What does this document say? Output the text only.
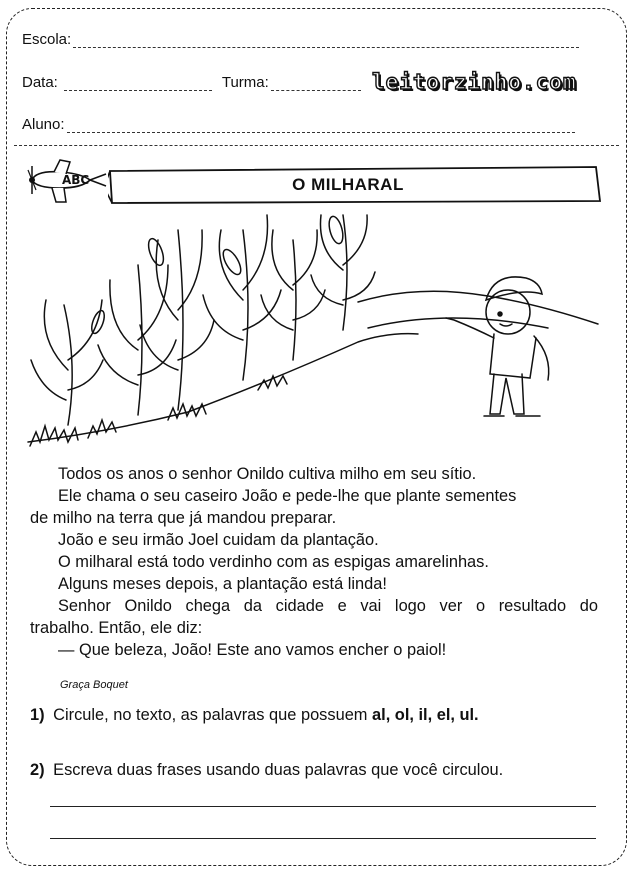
Escola:
Data:	Turma:	leitorzinho.com
Aluno:
ABC	O MILHARAL

Todos os anos o senhor Onildo cultiva milho em seu sítio.

Ele chama o seu caseiro João e pede-lhe que plante sementes

de milho na terra que já mandou preparar.

João e seu irmão Joel cuidam da plantação.

O milharal está todo verdinho com as espigas amarelinhas.

Alguns meses depois, a plantação está linda!

Senhor Onildo chega da cidade e vai logo ver o resultado do

trabalho. Então, ele diz:

— Que beleza, João! Este ano vamos encher o paiol!

Graça Boquet
1) Circule, no texto, as palavras que possuem al, ol, il, el, ul.
2) Escreva duas frases usando duas palavras que você circulou.
